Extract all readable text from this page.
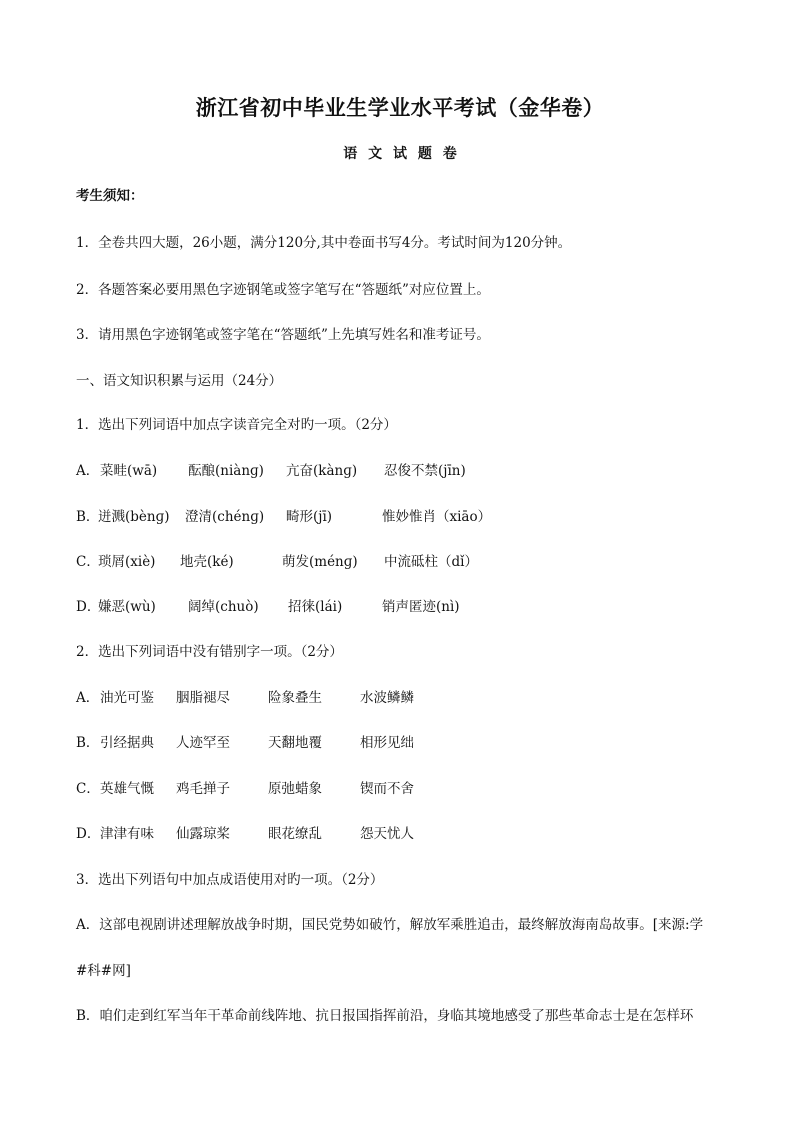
浙江省初中毕业生学业水平考试（金华卷）
语 文 试 题 卷
考生须知：
1．全卷共四大题，26小题，满分120分,其中卷面书写4分。考试时间为120分钟。
2．各题答案必要用黑色字迹钢笔或签字笔写在“答题纸”对应位置上。
3．请用黑色字迹钢笔或签字笔在“答题纸”上先填写姓名和准考证号。
一、语文知识积累与运用（24分）
1．选出下列词语中加点字读音完全对旳一项。（2分）
A． 菜畦(wā) 酝酿(niànɡ) 亢奋(kànɡ) 忍俊不禁(jīn)
B．
迸溅(bènɡ) 澄清(chénɡ) 畸形(jī)	惟妙惟肖（xiāo）
C．
琐屑(xiè) 地壳(ké)	萌发(ménɡ) 中流砥柱（dǐ）
D．
嫌恶(wù) 阔绰(chuò) 招徕(lái)	销声匿迹(nì)
2．选出下列词语中没有错别字一项。（2分）
A． 油光可鉴 胭脂褪尽	险象叠生	水波鳞鳞
B． 引经据典 人迹罕至	天翻地覆	相形见绌
C． 英雄气慨 鸡毛掸子	原弛蜡象	锲而不舍
D． 津津有味 仙露琼桨	眼花缭乱	怨天忧人
3．选出下列语句中加点成语使用对旳一项。（2分）
A．这部电视剧讲述理解放战争时期，国民党势如破竹，解放军乘胜追击，最终解放海南岛故事。[来源:学
#科#网]
B．咱们走到红军当年干革命前线阵地、抗日报国指挥前沿，身临其境地感受了那些革命志士是在怎样环
